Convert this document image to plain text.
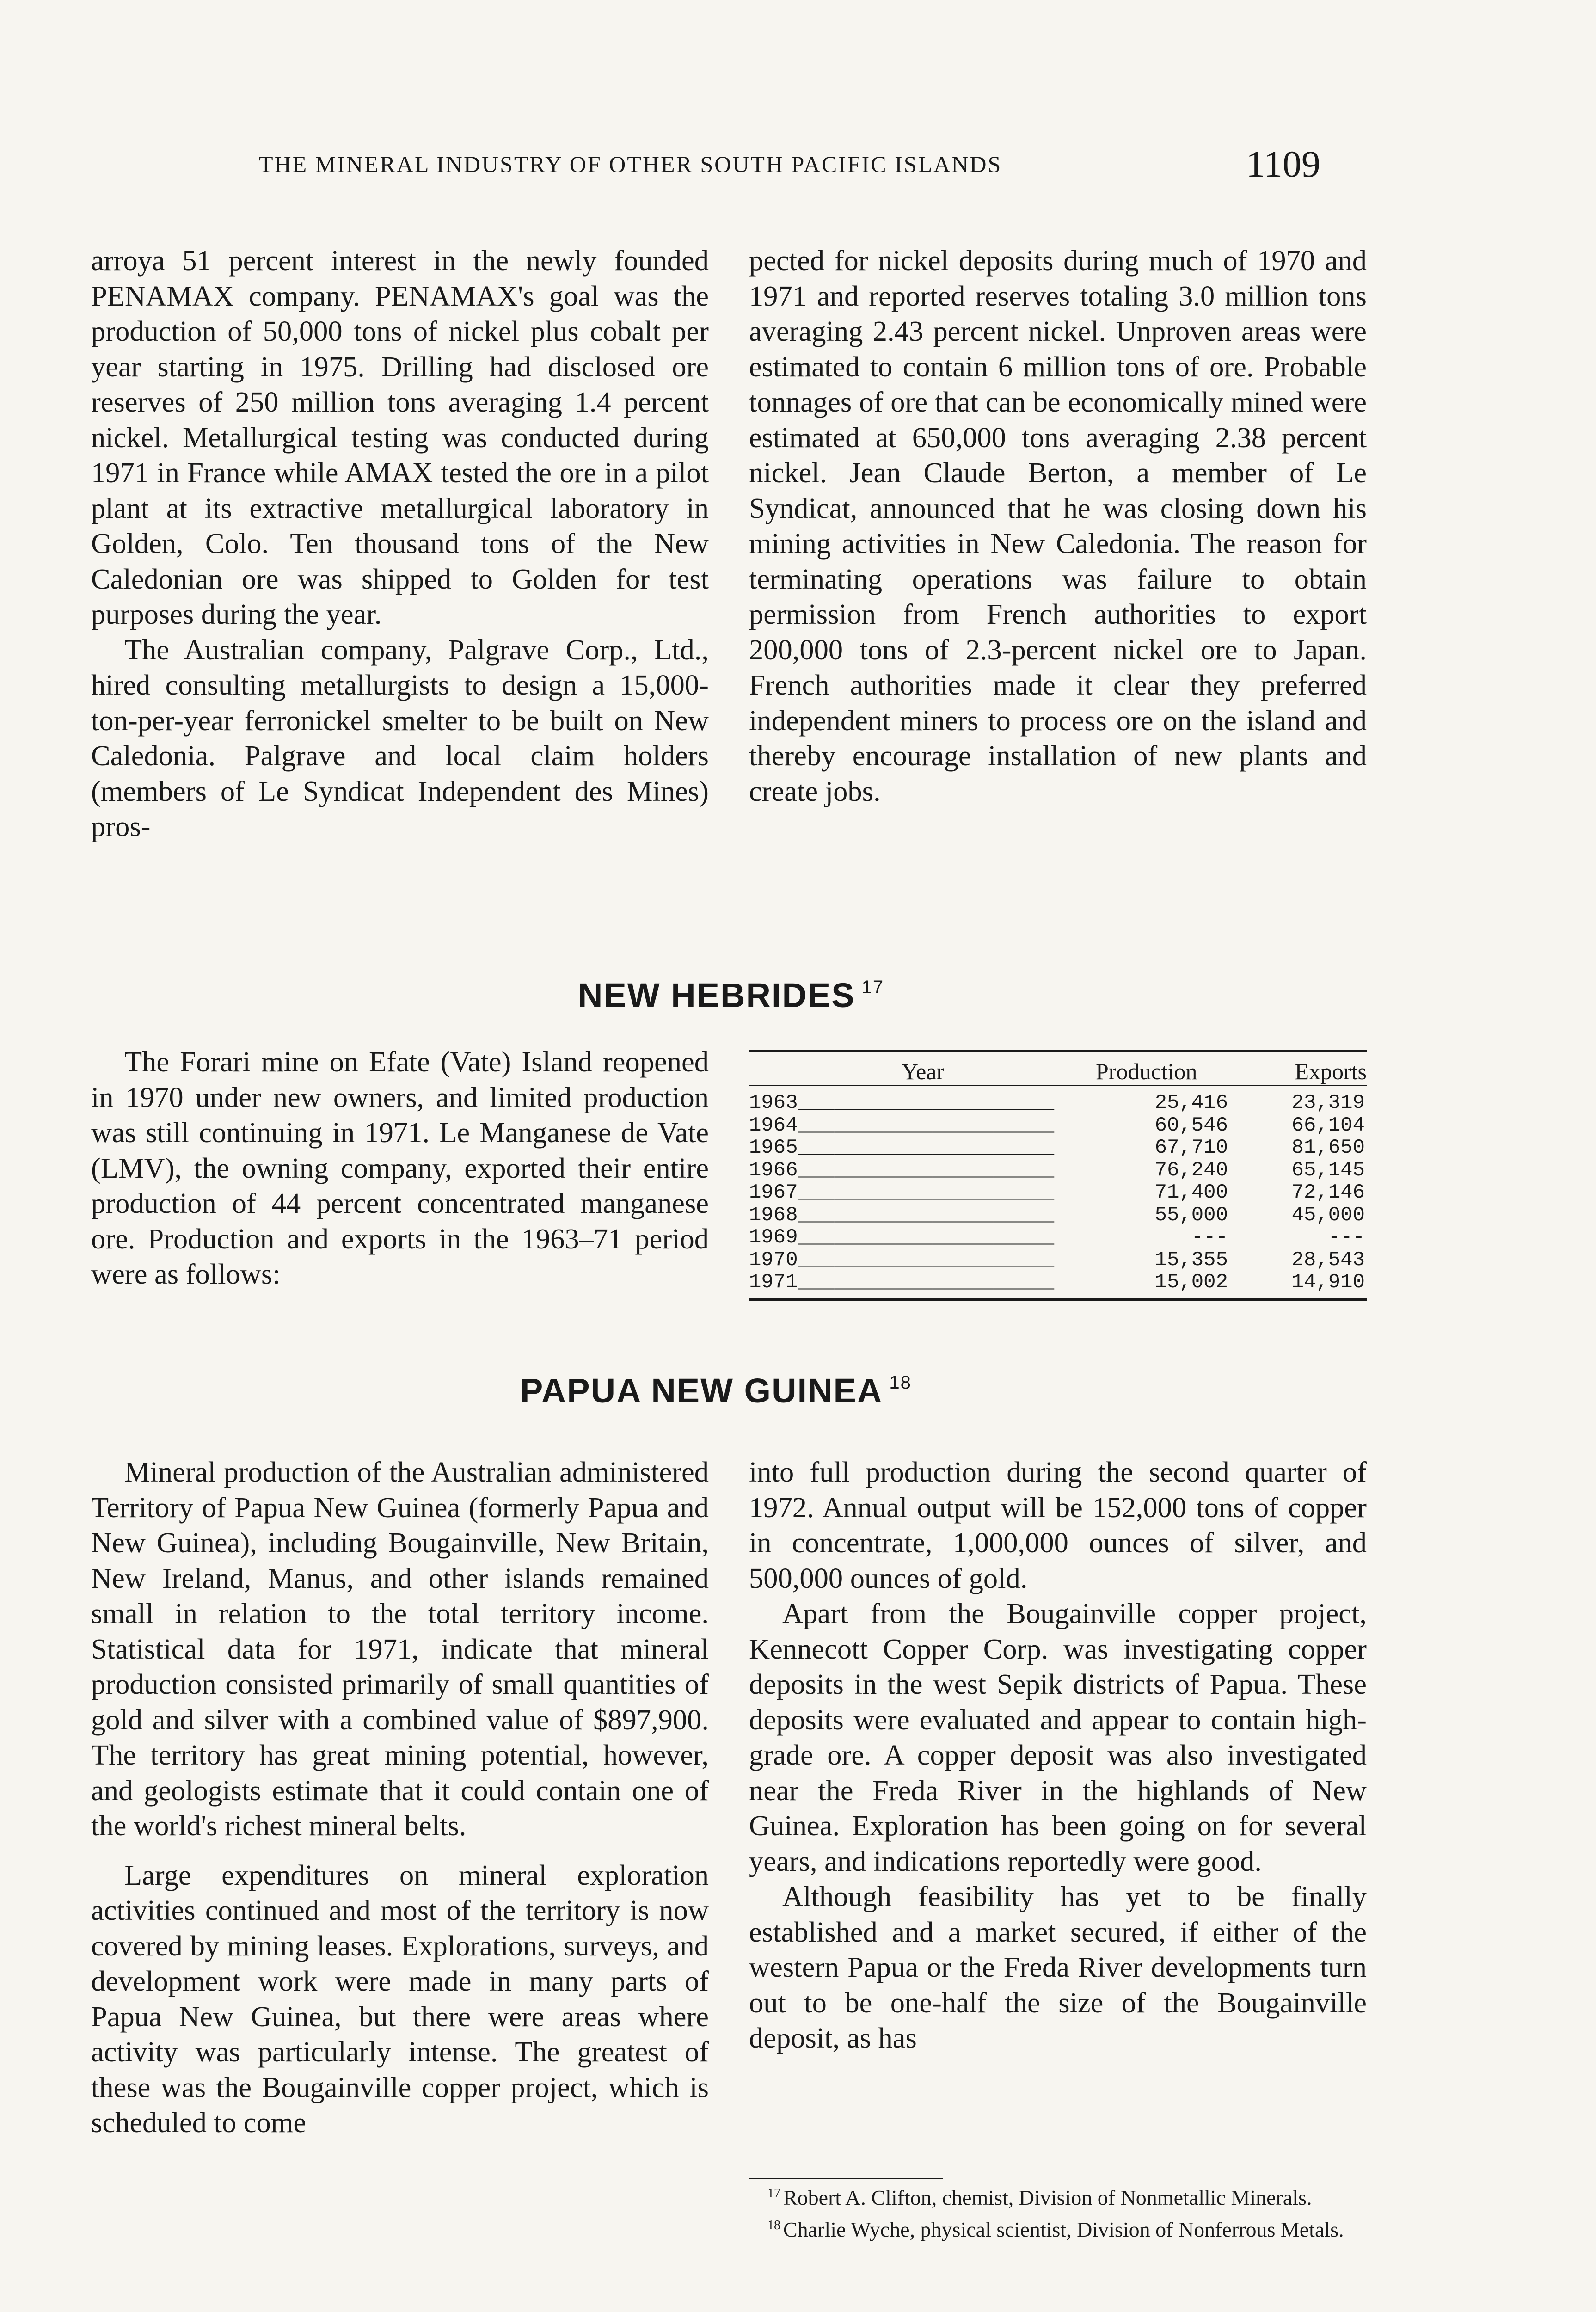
THE MINERAL INDUSTRY OF OTHER SOUTH PACIFIC ISLANDS	1109

arroya 51 percent interest in the newly founded PENAMAX company. PENAMAX's goal was the production of 50,000 tons of nickel plus cobalt per year starting in 1975. Drilling had disclosed ore reserves of 250 million tons averaging 1.4 percent nickel. Metallurgical testing was conducted during 1971 in France while AMAX tested the ore in a pilot plant at its extractive metallurgical laboratory in Golden, Colo. Ten thousand tons of the New Caledonian ore was shipped to Golden for test purposes during the year.

The Australian company, Palgrave Corp., Ltd., hired consulting metallurgists to design a 15,000-ton-per-year ferronickel smelter to be built on New Caledonia. Palgrave and local claim holders (members of Le Syndicat Independent des Mines) pros-

pected for nickel deposits during much of 1970 and 1971 and reported reserves totaling 3.0 million tons averaging 2.43 percent nickel. Unproven areas were estimated to contain 6 million tons of ore. Probable tonnages of ore that can be economically mined were estimated at 650,000 tons averaging 2.38 percent nickel. Jean Claude Berton, a member of Le Syndicat, announced that he was closing down his mining activities in New Caledonia. The reason for terminating operations was failure to obtain permission from French authorities to export 200,000 tons of 2.3-percent nickel ore to Japan. French authorities made it clear they preferred independent miners to process ore on the island and thereby encourage installation of new plants and create jobs.

NEW HEBRIDES $^{17}$

The Forari mine on Efate (Vate) Island reopened in 1970 under new owners, and limited production was still continuing in 1971. Le Manganese de Vate (LMV), the owning company, exported their entire production of 44 percent concentrated manganese ore. Production and exports in the 1963–71 period were as follows:

Year	Production	Exports
1963_____________________	25,416	23,319
1964_____________________	60,546	66,104
1965_____________________	67,710	81,650
1966_____________________	76,240	65,145
1967_____________________	71,400	72,146
1968_____________________	55,000	45,000
1969_____________________	---	---
1970_____________________	15,355	28,543
1971_____________________	15,002	14,910
PAPUA NEW GUINEA $^{18}$

Mineral production of the Australian administered Territory of Papua New Guinea (formerly Papua and New Guinea), including Bougainville, New Britain, New Ireland, Manus, and other islands remained small in relation to the total territory income. Statistical data for 1971, indicate that mineral production consisted primarily of small quantities of gold and silver with a combined value of $897,900. The territory has great mining potential, however, and geologists estimate that it could contain one of the world's richest mineral belts.

Large expenditures on mineral exploration activities continued and most of the territory is now covered by mining leases. Explorations, surveys, and development work were made in many parts of Papua New Guinea, but there were areas where activity was particularly intense. The greatest of these was the Bougainville copper project, which is scheduled to come

into full production during the second quarter of 1972. Annual output will be 152,000 tons of copper in concentrate, 1,000,000 ounces of silver, and 500,000 ounces of gold.

Apart from the Bougainville copper project, Kennecott Copper Corp. was investigating copper deposits in the west Sepik districts of Papua. These deposits were evaluated and appear to contain high-grade ore. A copper deposit was also investigated near the Freda River in the highlands of New Guinea. Exploration has been going on for several years, and indications reportedly were good.

Although feasibility has yet to be finally established and a market secured, if either of the western Papua or the Freda River developments turn out to be one-half the size of the Bougainville deposit, as has

$^{17}$ Robert A. Clifton, chemist, Division of Nonmetallic Minerals.

$^{18}$ Charlie Wyche, physical scientist, Division of Nonferrous Metals.
